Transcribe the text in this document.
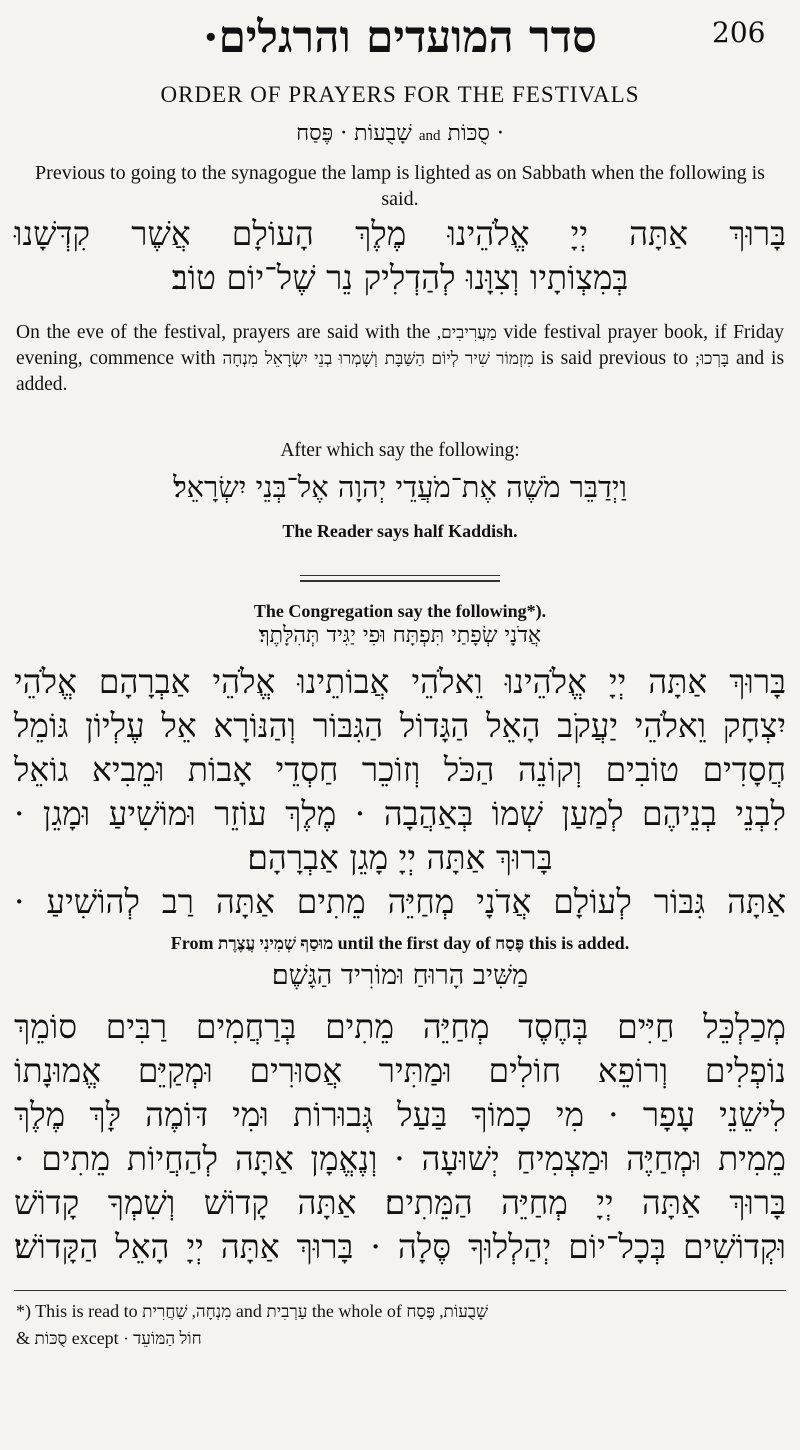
סדר המועדים והרגלים·	206
ORDER OF PRAYERS FOR THE FESTIVALS
שָׁבֻעוֹת · פֶּסַח and · סֻכּוֹת
Previous to going to the synagogue the lamp is lighted as on Sabbath when the following is said.

בָּרוּךְ אַתָּה יְיָ אֱלֹהֵינוּ מֶלֶךְ הָעוֹלָם אֲשֶׁר קִדְּשָׁנוּ

בְּמִצְוֹתָיו וְצִוָּנוּ לְהַדְלִיק נֵר שֶׁל־יוֹם טוֹב׃

On the eve of the festival, prayers are said with the מַעֲרִיבִים, vide festival prayer book, if Friday evening, commence with מִנְחָה וְשָׁמְרוּ בְנֵי יִשְׂרָאֵל מִזְמוֹר שִׁיר לְיוֹם הַשַּׁבָּת is said previous to בָּרְכוּ; and is added.
After which say the following:
וַיְדַבֵּר מֹשֶׁה אֶת־מֹעֲדֵי יְהוָה אֶל־בְּנֵי יִשְׂרָאֵל׃
The Reader says half Kaddish.
The Congregation say the following*).
אֲדֹנָי שְׂפָתַי תִּפְתָּח וּפִי יַגִּיד תְּהִלָּתֶךָ׃

בָּרוּךְ אַתָּה יְיָ אֱלֹהֵינוּ וֵאלֹהֵי אֲבוֹתֵינוּ אֱלֹהֵי אַבְרָהָם אֱלֹהֵי

יִצְחָק וֵאלֹהֵי יַעֲקֹב הָאֵל הַגָּדוֹל הַגִּבּוֹר וְהַנּוֹרָא אֵל עֶלְיוֹן גּוֹמֵל

חֲסָדִים טוֹבִים וְקוֹנֵה הַכֹּל וְזוֹכֵר חַסְדֵי אָבוֹת וּמֵבִיא גוֹאֵל

לִבְנֵי בְנֵיהֶם לְמַעַן שְׁמוֹ בְּאַהֲבָה · מֶלֶךְ עוֹזֵר וּמוֹשִׁיעַ וּמָגֵן ·

בָּרוּךְ אַתָּה יְיָ מָגֵן אַבְרָהָם׃

אַתָּה גִּבּוֹר לְעוֹלָם אֲדֹנָי מְחַיֵּה מֵתִים אַתָּה רַב לְהוֹשִׁיעַ ·

From מוּסַף שְׁמִינִי עֲצֶרֶת until the first day of פֶּסַח this is added.
מַשִּׁיב הָרוּחַ וּמוֹרִיד הַגָּשֶׁם׃

מְכַלְכֵּל חַיִּים בְּחֶסֶד מְחַיֵּה מֵתִים בְּרַחֲמִים רַבִּים סוֹמֵךְ

נוֹפְלִים וְרוֹפֵא חוֹלִים וּמַתִּיר אֲסוּרִים וּמְקַיֵּם אֱמוּנָתוֹ

לִישֵׁנֵי עָפָר · מִי כָמוֹךָ בַּעַל גְּבוּרוֹת וּמִי דּוֹמֶה לָּךְ מֶלֶךְ

מֵמִית וּמְחַיֶּה וּמַצְמִיחַ יְשׁוּעָה · וְנֶאֱמָן אַתָּה לְהַחֲיוֹת מֵתִים ·

בָּרוּךְ אַתָּה יְיָ מְחַיֵּה הַמֵּתִים׃ אַתָּה קָדוֹשׁ וְשִׁמְךָ קָדוֹשׁ

וּקְדוֹשִׁים בְּכָל־יוֹם יְהַלְלוּךָ סֶּלָה · בָּרוּךְ אַתָּה יְיָ הָאֵל הַקָּדוֹשׁ׃

*) This is read to מִנְחָה, שַׁחֲרִית and עַרְבִית the whole of שָׁבֻעוֹת, פֶּסַח
& סֻכּוֹת except חוֹל הַמּוֹעֵד ·
